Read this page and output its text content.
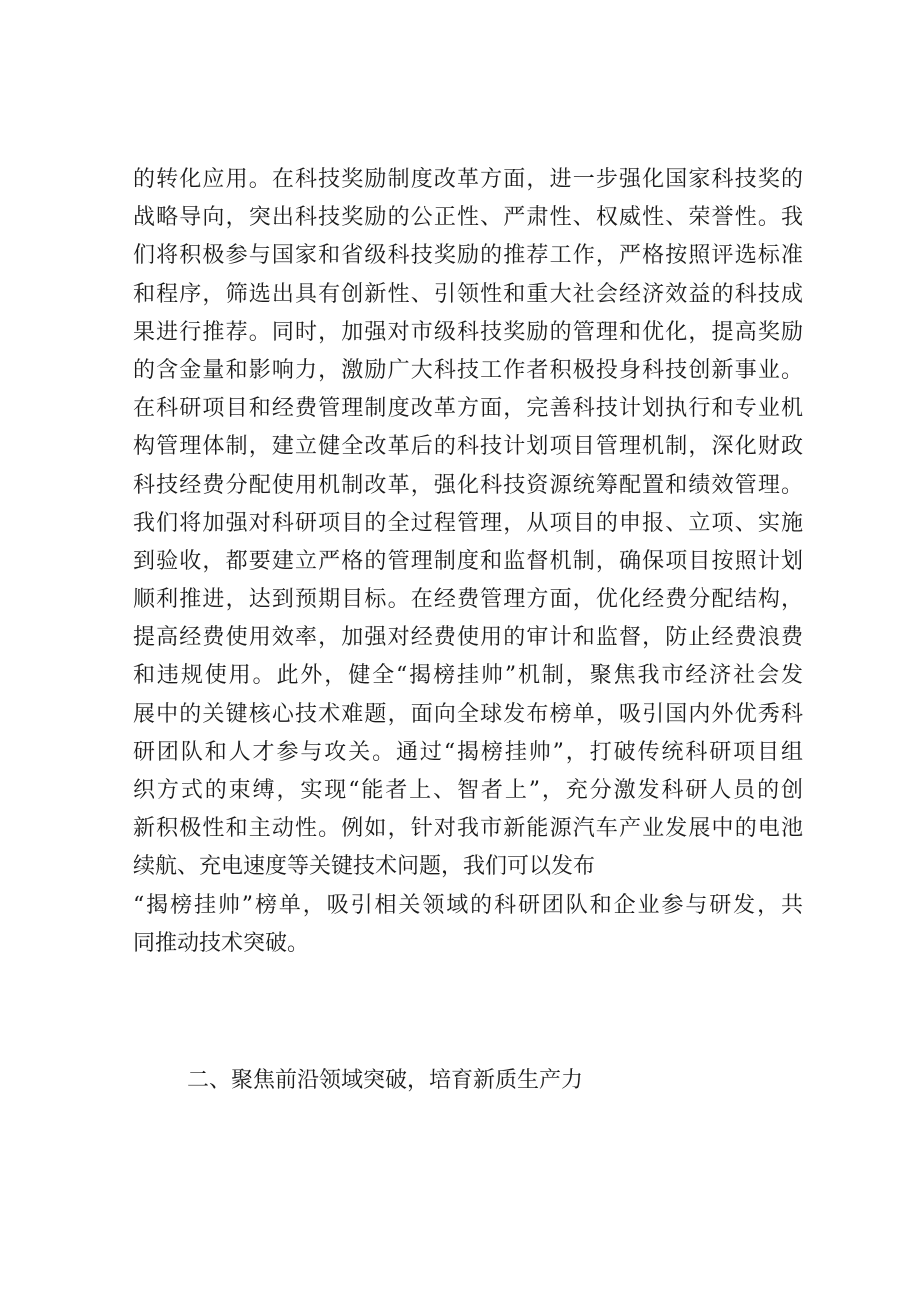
的转化应用。在科技奖励制度改革方面，进一步强化国家科技奖的
战略导向，突出科技奖励的公正性、严肃性、权威性、荣誉性。我
们将积极参与国家和省级科技奖励的推荐工作，严格按照评选标准
和程序，筛选出具有创新性、引领性和重大社会经济效益的科技成
果进行推荐。同时，加强对市级科技奖励的管理和优化，提高奖励
的含金量和影响力，激励广大科技工作者积极投身科技创新事业。
在科研项目和经费管理制度改革方面，完善科技计划执行和专业机
构管理体制，建立健全改革后的科技计划项目管理机制，深化财政
科技经费分配使用机制改革，强化科技资源统筹配置和绩效管理。
我们将加强对科研项目的全过程管理，从项目的申报、立项、实施
到验收，都要建立严格的管理制度和监督机制，确保项目按照计划
顺利推进，达到预期目标。在经费管理方面，优化经费分配结构，
提高经费使用效率，加强对经费使用的审计和监督，防止经费浪费
和违规使用。此外，健全“揭榜挂帅”机制，聚焦我市经济社会发
展中的关键核心技术难题，面向全球发布榜单，吸引国内外优秀科
研团队和人才参与攻关。通过“揭榜挂帅”，打破传统科研项目组
织方式的束缚，实现“能者上、智者上”，充分激发科研人员的创
新积极性和主动性。例如，针对我市新能源汽车产业发展中的电池
续航、充电速度等关键技术问题，我们可以发布
“揭榜挂帅”榜单，吸引相关领域的科研团队和企业参与研发，共
同推动技术突破。
二、聚焦前沿领域突破，培育新质生产力
